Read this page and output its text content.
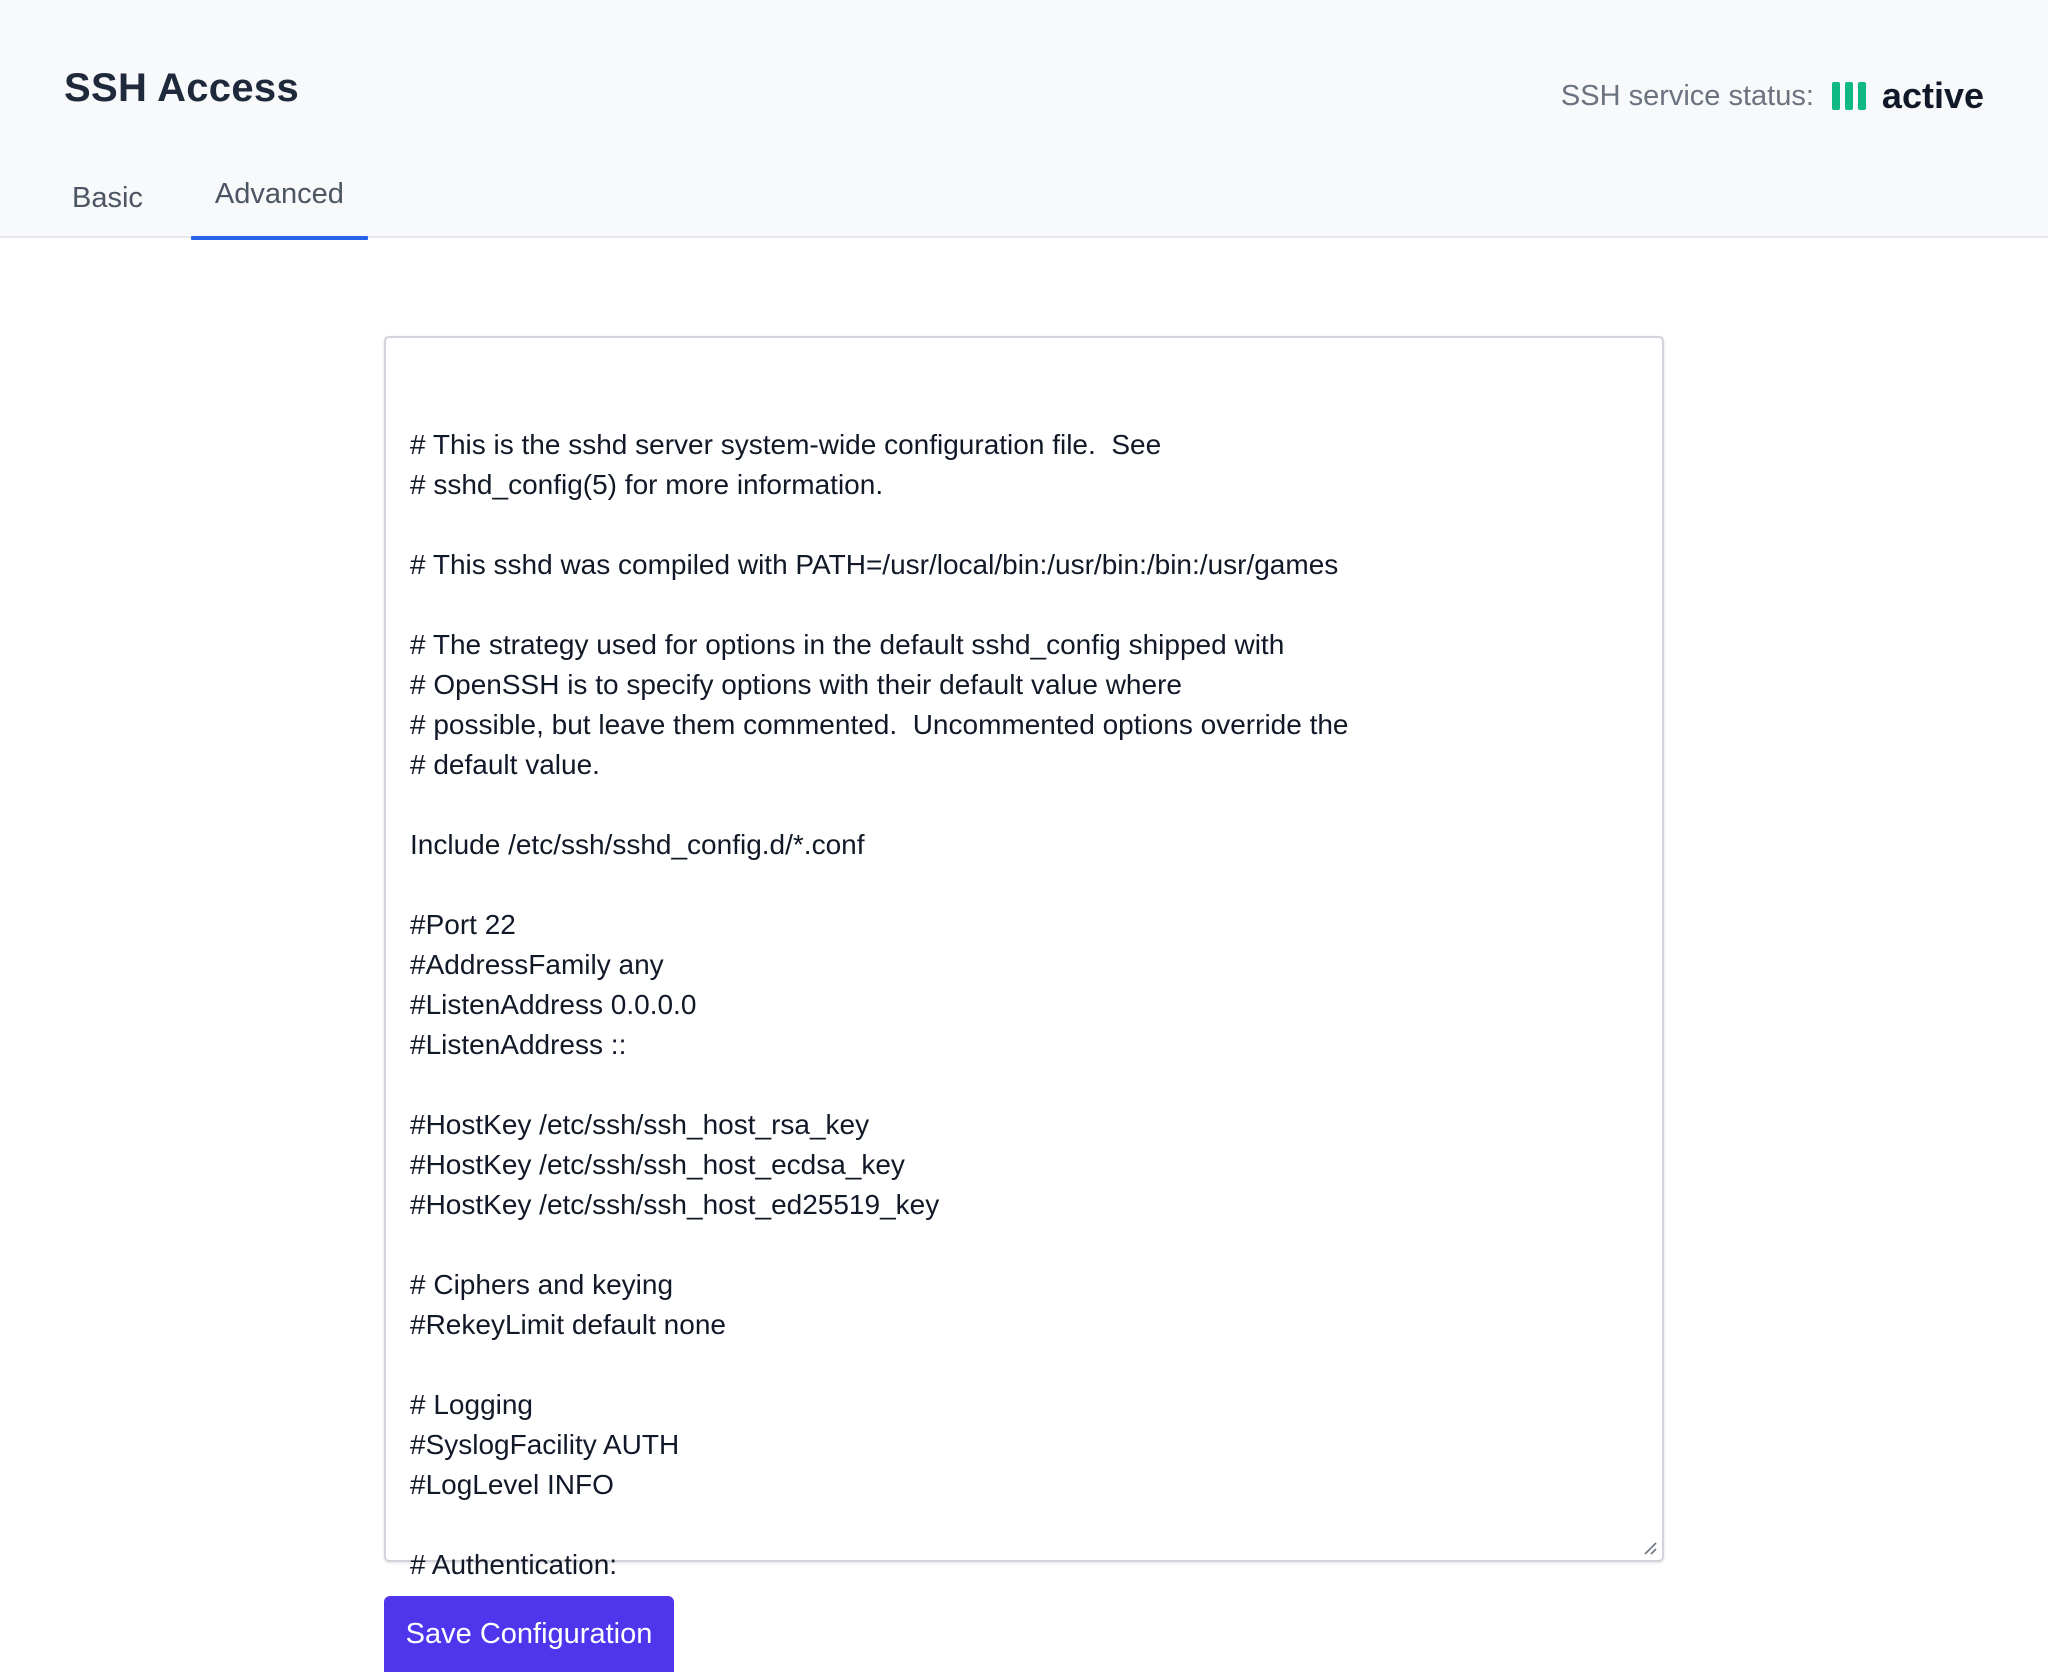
SSH Access	SSH service status: active
Basic	Advanced

# This is the sshd server system-wide configuration file.  See
# sshd_config(5) for more information.

# This sshd was compiled with PATH=/usr/local/bin:/usr/bin:/bin:/usr/games

# The strategy used for options in the default sshd_config shipped with
# OpenSSH is to specify options with their default value where
# possible, but leave them commented.  Uncommented options override the
# default value.

Include /etc/ssh/sshd_config.d/*.conf

#Port 22
#AddressFamily any
#ListenAddress 0.0.0.0
#ListenAddress ::

#HostKey /etc/ssh/ssh_host_rsa_key
#HostKey /etc/ssh/ssh_host_ecdsa_key
#HostKey /etc/ssh/ssh_host_ed25519_key

# Ciphers and keying
#RekeyLimit default none

# Logging
#SyslogFacility AUTH
#LogLevel INFO

# Authentication:
Save Configuration
